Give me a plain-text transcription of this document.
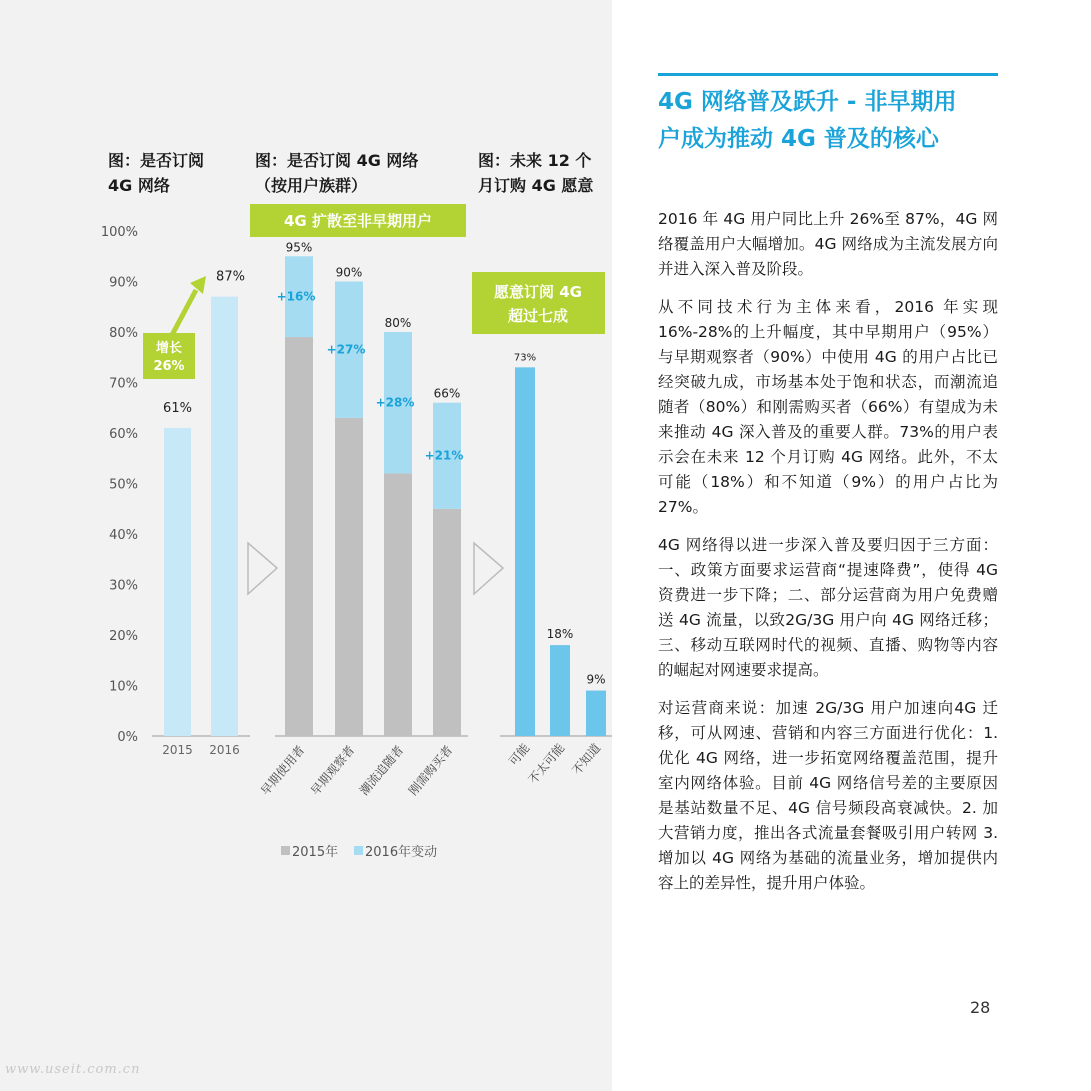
图：是否订阅
4G 网络
图：是否订阅 4G 网络
（按用户族群）
图：未来 12 个
月订购 4G 愿意
0%
10%
20%
30%
40%
50%
60%
70%
80%
90%
100%
2015
61%
2016
87%
增长
26%
4G 扩散至非早期用户
95%
+16%
早期使用者
90%
+27%
早期观察者
80%
+28%
潮流追随者
66%
+21%
刚需购买者
2015年 2016年变动
愿意订阅 4G
超过七成
73%
可能
18%
不太可能
9%
不知道
4G 网络普及跃升 - 非早期用
户成为推动 4G 普及的核心

2016 年 4G 用户同比上升 26%至 87%，4G 网络覆盖用户大幅增加。4G 网络成为主流发展方向并进入深入普及阶段。

从不同技术行为主体来看，2016 年实现16%-28%的上升幅度，其中早期用户（95%）与早期观察者（90%）中使用 4G 的用户占比已经突破九成，市场基本处于饱和状态，而潮流追随者（80%）和刚需购买者（66%）有望成为未来推动 4G 深入普及的重要人群。73%的用户表示会在未来 12 个月订购 4G 网络。此外，不太可能（18%）和不知道（9%）的用户占比为27%。

4G 网络得以进一步深入普及要归因于三方面：一、政策方面要求运营商“提速降费”，使得 4G 资费进一步下降；二、部分运营商为用户免费赠送 4G 流量，以致2G/3G 用户向 4G 网络迁移；三、移动互联网时代的视频、直播、购物等内容的崛起对网速要求提高。

对运营商来说：加速 2G/3G 用户加速向4G 迁移，可从网速、营销和内容三方面进行优化：1. 优化 4G 网络，进一步拓宽网络覆盖范围，提升室内网络体验。目前 4G 网络信号差的主要原因是基站数量不足、4G 信号频段高衰减快。2. 加大营销力度，推出各式流量套餐吸引用户转网 3. 增加以 4G 网络为基础的流量业务，增加提供内容上的差异性，提升用户体验。

28
www.useit.com.cn
